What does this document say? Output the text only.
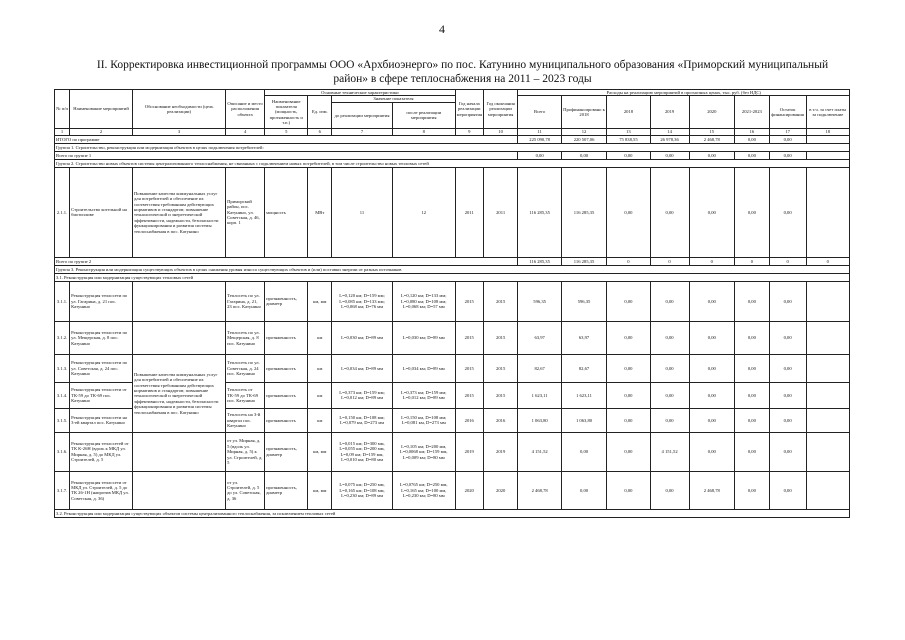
4
II. Корректировка инвестиционной программы ООО «Архбиоэнерго» по пос. Катунино муниципального образования «Приморский муниципальный район» в сфере теплоснабжения на 2011 – 2023 годы
№ п/п	Наименование мероприятий	Обоснование необходимости (цель реализации)	Описание и место расположения объекта	Основные технические характеристики				Год начала реализации мероприятия	Год окончания реализации мероприятия	Расходы на реализацию мероприятий в прогнозных ценах, тыс. руб. (без НДС)							
				Наименование показателя (мощность, протяженность и т.п.)	Ед. изм.	Значение показателя				Всего	Профинансировано к 2018	2018	2019	2020	2021-2023	Остаток финансирования	в т.ч. за счет платы за подключение
						до реализации мероприятия	после реализации мероприятия										
1	2	3	4	5	6	7	8	9	10	11	12	13	14	15	16	17	18
ИТОГО по программе										225 090,78	220 507,06	75 838,55	26 978,36	2 468,78	0,00	0,00	
Группа 1. Строительство, реконструкция или модернизация объектов в целях подключения потребителей:																	
Всего по группе 1										0,00	0,00	0,00	0,00	0,00	0,00	0,00	
Группа 2. Строительство новых объектов системы централизованного теплоснабжения, не связанных с подключением новых потребителей, в том числе строительство новых тепловых сетей																	
2.1.1.	Строительство котельной на биотопливе	Повышение качества коммунальных услуг для потребителей и обеспечение их соответствия требованиям действующих нормативов и стандартов; повышение технологической и энергетической эффективности, надежности, безопасности функционирования и развития системы теплоснабжения в пос. Катунино	Приморский район, пос. Катунино, ул. Советская, д. 46, корп. 1	мощность	МВт	11	12	2011	2011	116 285,35	116 285,35	0,00	0,00	0,00	0,00	0,00	
Всего по группе 2										116 285,35	116 285,35	0	0	0	0	0	0
Группа 3. Реконструкция или модернизация существующих объектов в целях снижения уровня износа существующих объектов и (или) поставки энергии от разных источников																	
3.1. Реконструкция или модернизация существующих тепловых сетей																	
3.1.1.	Реконструкция теплосети по ул. Гагарина, д. 21 пос. Катунино		Теплосеть по ул. Гагарина, д. 21, 23 пос. Катунино	протяженность, диаметр	км, мм	L=0,120 км; D=159 мм; L=0,085 км; D=133 мм; L=0,068 км; D=76 мм	L=0,120 км; D=133 мм; L=0,080 км; D=108 мм; L=0,068 км; D=57 мм	2015	2015	596,35	596,35	0,00	0,00	0,00	0,00	0,00	
3.1.2.	Реконструкция теплосети по ул. Мещерская, д. 8 пос. Катунино		Теплосеть по ул. Мещерская, д. 8 пос. Катунино	протяженность	км	L=0,030 км; D=89 мм	L=0,030 км; D=89 мм	2015	2015	63,97	63,97	0,00	0,00	0,00	0,00	0,00	
3.1.3.	Реконструкция теплосети по ул. Советская, д. 24 пос. Катунино	Повышение качества коммунальных услуг для потребителей и обеспечение их соответствия требованиям действующих нормативов и стандартов; повышение технологической и энергетической эффективности, надежности, безопасности функционирования и развития системы теплоснабжения в пос. Катунино	Теплосеть по ул. Советская, д. 24 пос. Катунино	протяженность	км	L=0,034 км; D=89 мм	L=0,034 км; D=89 мм	2015	2015	82,67	82,67	0,00	0,00	0,00	0,00	0,00	
3.1.4.	Реконструкция теплосети от ТК-59 до ТК-69 пос. Катунино		Теплосеть от ТК-59 до ТК-69 пос. Катунино	протяженность	км	L=0,373 км; D=159 мм; L=0,012 км; D=89 мм	L=0,373 км; D=159 мм; L=0,012 км; D=89 мм	2015	2015	1 623,11	1 623,11	0,00	0,00	0,00	0,00	0,00	
3.1.5.	Реконструкция теплосети на 3-ей квартал пос. Катунино		Теплосеть на 3-й квартал пос. Катунино	протяженность	км	L=0,150 км, D=108 мм; L=0,079 км, D=273 мм	L=0,150 км, D=108 мм; L=0,081 км, D=273 мм	2016	2016	1 063,80	1 063,80	0,00	0,00	0,00	0,00	0,00	
3.1.6.	Реконструкция теплосетей от ТК К-26Н (вдоль к МКД ул. Мирная, д. 5) до МКД ул. Строителей, д. 5		от ул. Мирная, д. 5 (вдоль ул. Мирная, д. 5) к ул. Строителей, д. 5	протяженность, диаметр	км, мм	L=0,015 км; D=300 мм, L=0,055 км; D=200 мм, L=0,09 км; D=159 мм, L=0,010 км; D=80 мм	L=0,105 км; D=200 мм, L=0,0068 км; D=159 мм, L=0,009 км; D=80 мм	2019	2019	4 151,52	0,00	0,00	4 151,52	0,00	0,00	0,00	
3.1.7.	Реконструкция теплосети от МКД ул. Строителей, д. 5 до ТК 26-1Н (напротив МКД ул. Советская, д. 36)		от ул. Строителей, д. 5 до ул. Советская, д. 36	протяженность, диаметр	км, мм	L=0,075 км; D=250 мм, L=0,165 км; D=108 мм, L=0,230 км; D=89 мм	L=0,0765 км; D=250 мм, L=0,165 км; D=100 мм, L=0,230 км; D=80 мм	2020	2020	2 468,78	0,00	0,00	0,00	2 468,78	0,00	0,00	
3.2. Реконструкция или модернизация существующих объектов системы централизованного теплоснабжения, за исключением тепловых сетей																	
